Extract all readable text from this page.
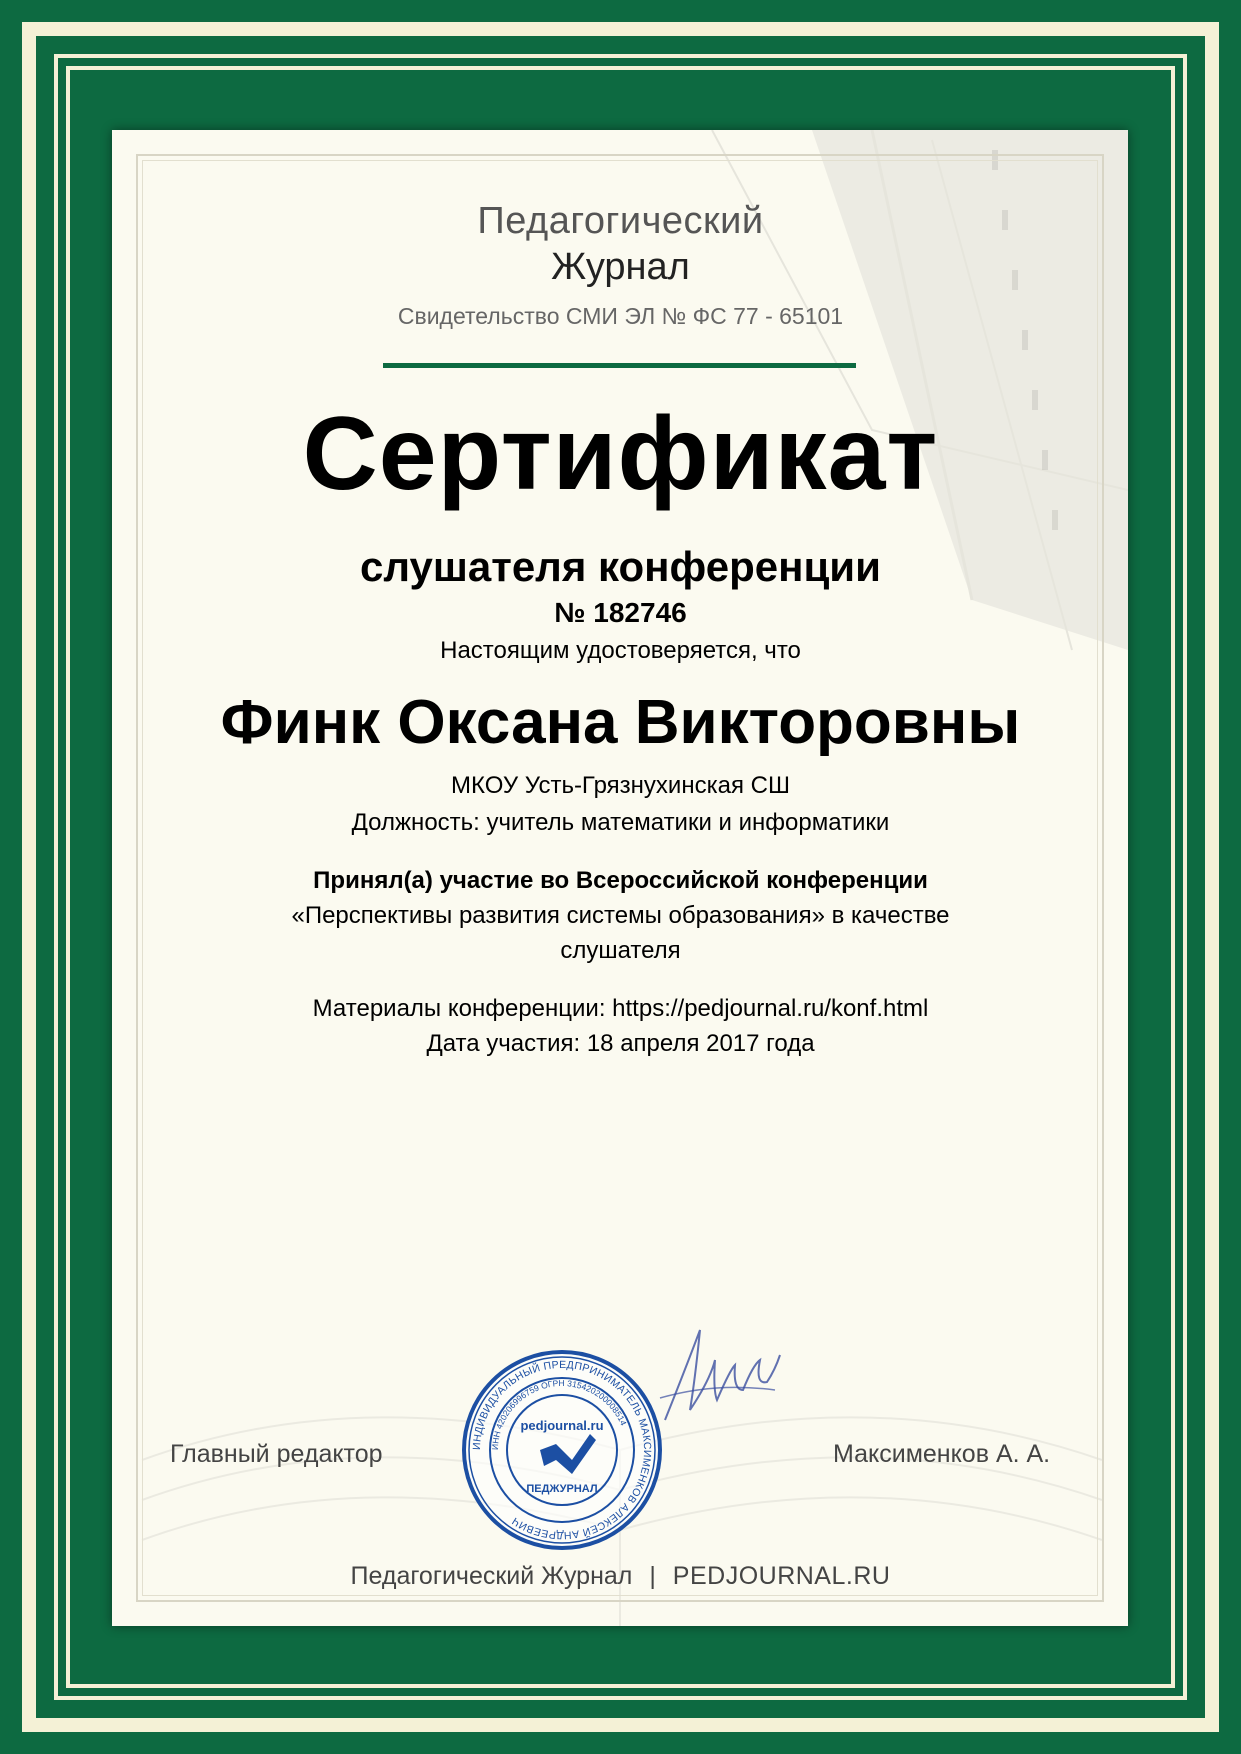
Педагогический
Журнал
Свидетельство СМИ ЭЛ № ФС 77 - 65101
Сертификат
слушателя конференции
№ 182746
Настоящим удостоверяется, что
Финк Оксана Викторовны
МКОУ Усть-Грязнухинская СШ
Должность: учитель математики и информатики
Принял(а) участие во Всероссийской конференции
«Перспективы развития системы образования» в качестве
слушателя
Материалы конференции: https://pedjournal.ru/konf.html
Дата участия: 18 апреля 2017 года
Главный редактор	Максименков А. А.
ИНДИВИДУАЛЬНЫЙ ПРЕДПРИНИМАТЕЛЬ МАКСИМЕНКОВ АЛЕКСЕЙ АНДРЕЕВИЧ
ИНН 420206996759 ОГРН 315420200008514
pedjournal.ru
ПЕДЖУРНАЛ
Педагогический Журнал | PEDJOURNAL.RU
